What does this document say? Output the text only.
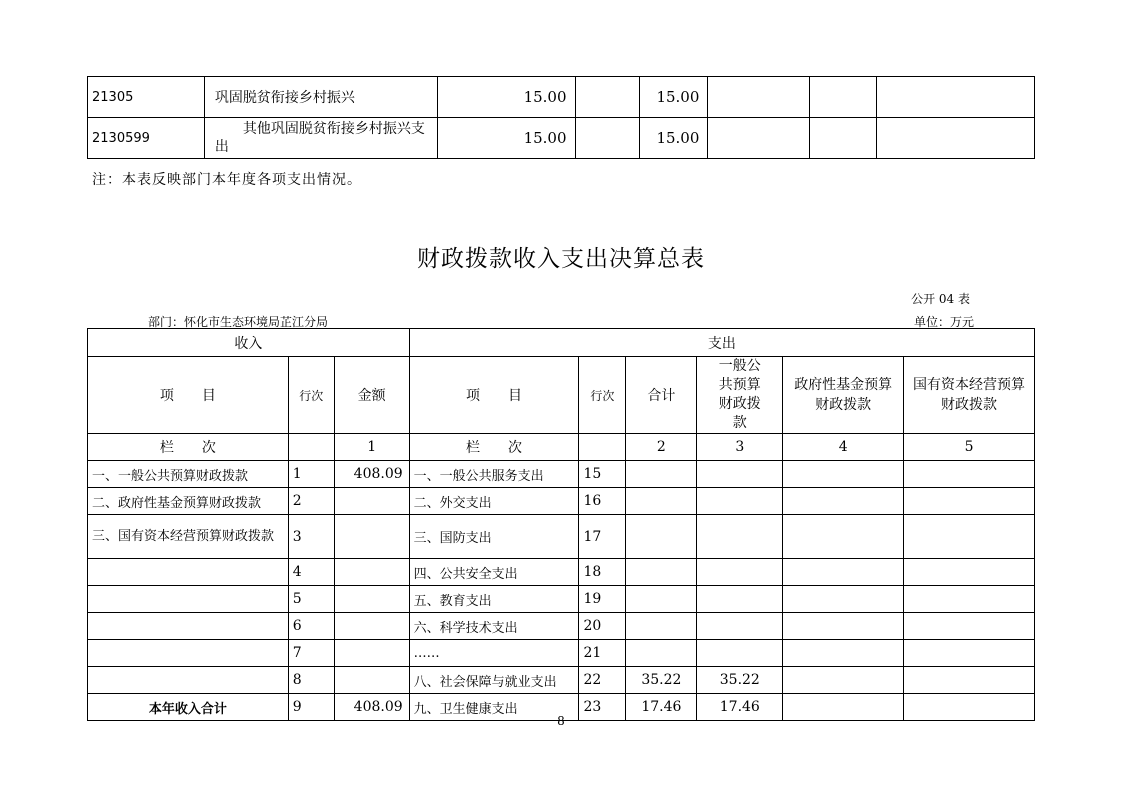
21305	巩固脱贫衔接乡村振兴	15.00		15.00			
2130599	其他巩固脱贫衔接乡村振兴支出	15.00		15.00			
注：本表反映部门本年度各项支出情况。
财政拨款收入支出决算总表
公开 04 表
部门：怀化市生态环境局芷江分局	单位：万元
收入			支出					
项　　目	行次	金额	项　　目	行次	合计	一般公共预算财政拨款	政府性基金预算财政拨款	国有资本经营预算财政拨款
栏　　次		1	栏　　次		2	3	4	5
一、一般公共预算财政拨款	1	408.09	一、一般公共服务支出	15				
二、政府性基金预算财政拨款	2		二、外交支出	16				
三、国有资本经营预算财政拨款	3		三、国防支出	17				
	4		四、公共安全支出	18				
	5		五、教育支出	19				
	6		六、科学技术支出	20				
	7		……	21				
	8		八、社会保障与就业支出	22	35.22	35.22		
本年收入合计	9	408.09	九、卫生健康支出	23	17.46	17.46		
8
